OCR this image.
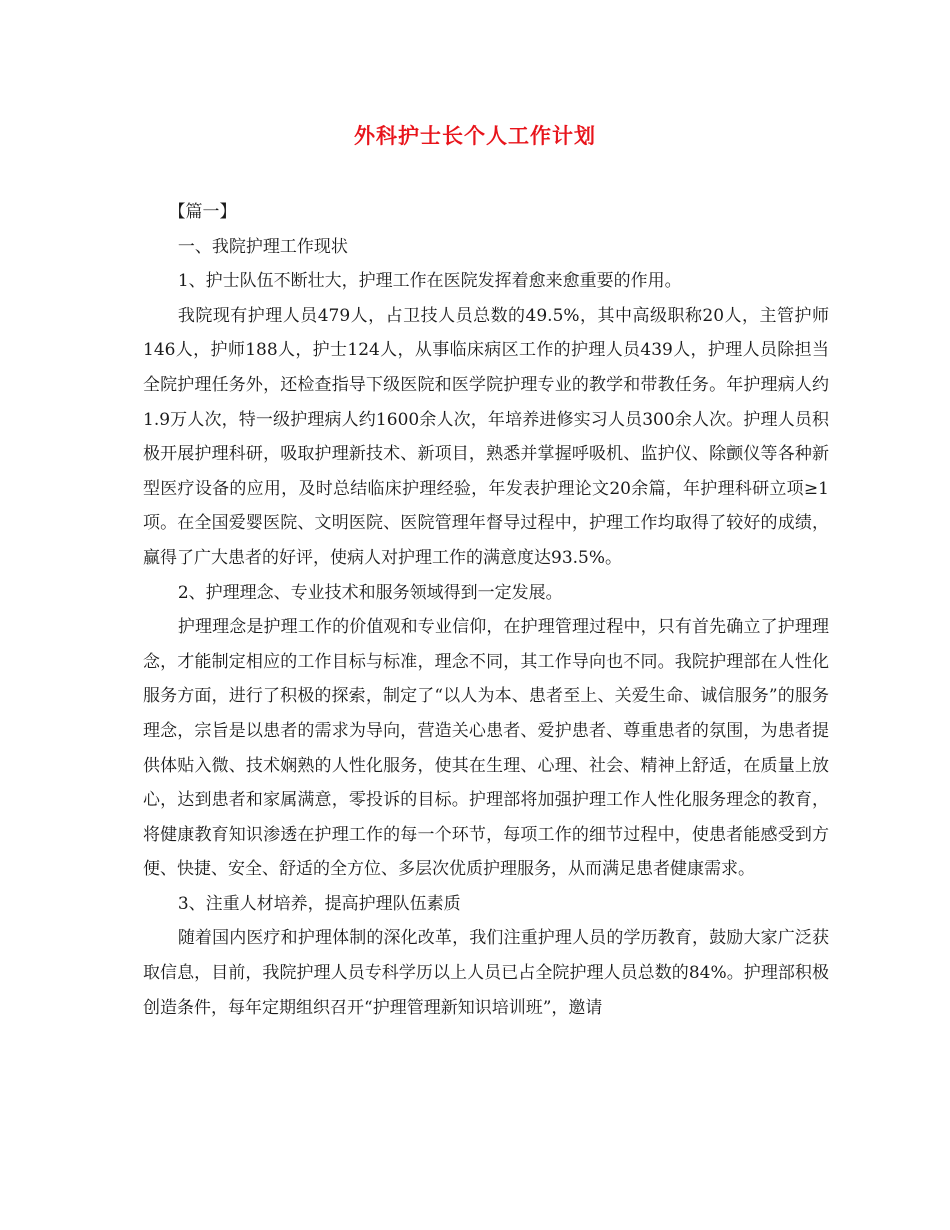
外科护士长个人工作计划

【篇一】

一、我院护理工作现状

1、护士队伍不断壮大，护理工作在医院发挥着愈来愈重要的作用。

我院现有护理人员479人，占卫技人员总数的49.5%，其中高级职称20人，主管护师146人，护师188人，护士124人，从事临床病区工作的护理人员439人，护理人员除担当全院护理任务外，还检查指导下级医院和医学院护理专业的教学和带教任务。年护理病人约1.9万人次，特一级护理病人约1600余人次，年培养进修实习人员300余人次。护理人员积极开展护理科研，吸取护理新技术、新项目，熟悉并掌握呼吸机、监护仪、除颤仪等各种新型医疗设备的应用，及时总结临床护理经验，年发表护理论文20余篇，年护理科研立项≥1项。在全国爱婴医院、文明医院、医院管理年督导过程中，护理工作均取得了较好的成绩，赢得了广大患者的好评，使病人对护理工作的满意度达93.5%。

2、护理理念、专业技术和服务领域得到一定发展。

护理理念是护理工作的价值观和专业信仰，在护理管理过程中，只有首先确立了护理理念，才能制定相应的工作目标与标准，理念不同，其工作导向也不同。我院护理部在人性化服务方面，进行了积极的探索，制定了“以人为本、患者至上、关爱生命、诚信服务”的服务理念，宗旨是以患者的需求为导向，营造关心患者、爱护患者、尊重患者的氛围，为患者提供体贴入微、技术娴熟的人性化服务，使其在生理、心理、社会、精神上舒适，在质量上放心，达到患者和家属满意，零投诉的目标。护理部将加强护理工作人性化服务理念的教育，将健康教育知识渗透在护理工作的每一个环节，每项工作的细节过程中，使患者能感受到方便、快捷、安全、舒适的全方位、多层次优质护理服务，从而满足患者健康需求。

3、注重人材培养，提高护理队伍素质

随着国内医疗和护理体制的深化改革，我们注重护理人员的学历教育，鼓励大家广泛获取信息，目前，我院护理人员专科学历以上人员已占全院护理人员总数的84%。护理部积极创造条件，每年定期组织召开“护理管理新知识培训班”，邀请
